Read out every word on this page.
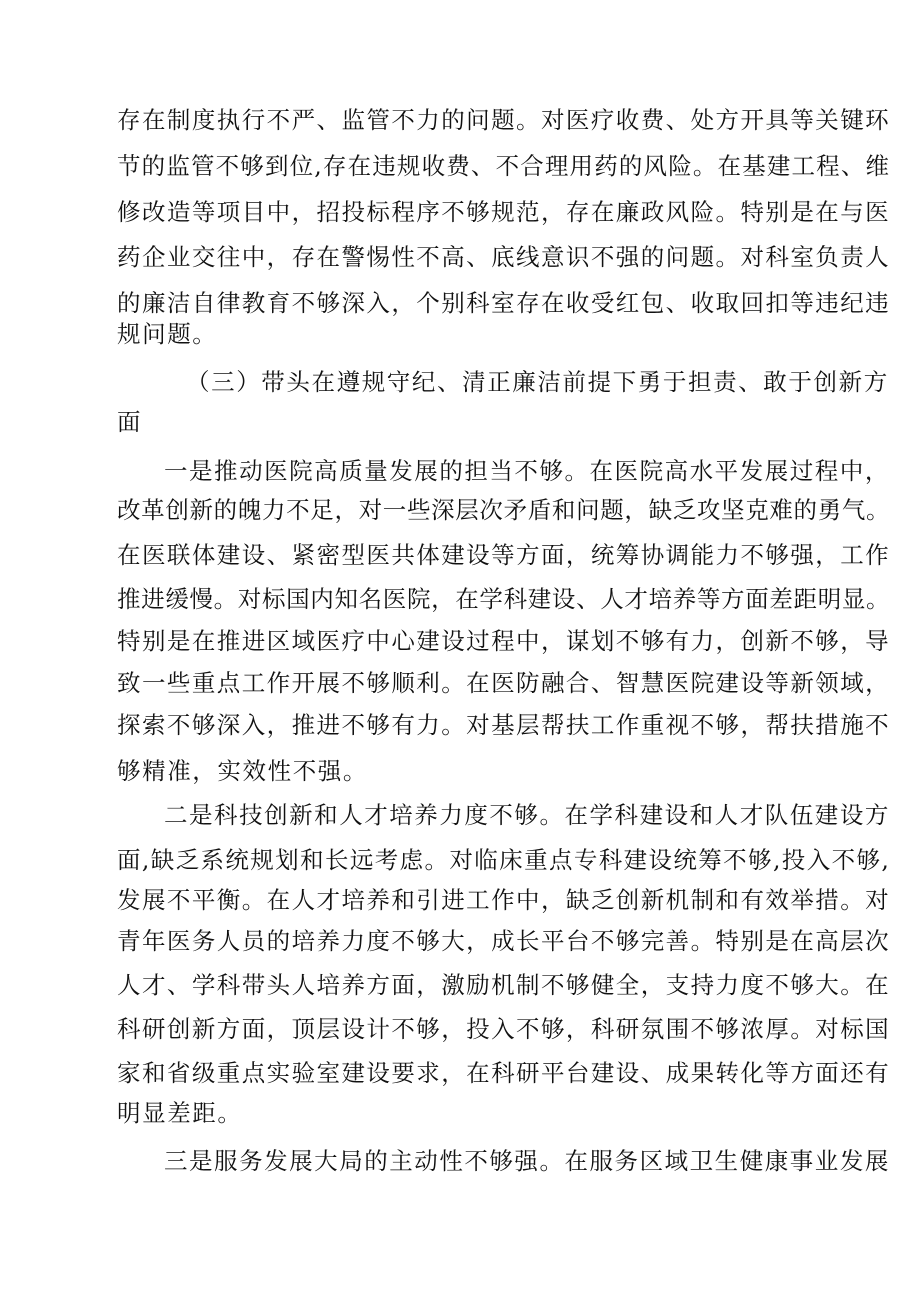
存在制度执行不严、监管不力的问题。对医疗收费、处方开具等关键环

节的监管不够到位,存在违规收费、不合理用药的风险。在基建工程、维

修改造等项目中，招投标程序不够规范，存在廉政风险。特别是在与医

药企业交往中，存在警惕性不高、底线意识不强的问题。对科室负责人

的廉洁自律教育不够深入，个别科室存在收受红包、收取回扣等违纪违

规问题。

（三）带头在遵规守纪、清正廉洁前提下勇于担责、敢于创新方

面

一是推动医院高质量发展的担当不够。在医院高水平发展过程中，

改革创新的魄力不足，对一些深层次矛盾和问题，缺乏攻坚克难的勇气。

在医联体建设、紧密型医共体建设等方面，统筹协调能力不够强，工作

推进缓慢。对标国内知名医院，在学科建设、人才培养等方面差距明显。

特别是在推进区域医疗中心建设过程中，谋划不够有力，创新不够，导

致一些重点工作开展不够顺利。在医防融合、智慧医院建设等新领域，

探索不够深入，推进不够有力。对基层帮扶工作重视不够，帮扶措施不

够精准，实效性不强。

二是科技创新和人才培养力度不够。在学科建设和人才队伍建设方

面,缺乏系统规划和长远考虑。对临床重点专科建设统筹不够,投入不够,

发展不平衡。在人才培养和引进工作中，缺乏创新机制和有效举措。对

青年医务人员的培养力度不够大，成长平台不够完善。特别是在高层次

人才、学科带头人培养方面，激励机制不够健全，支持力度不够大。在

科研创新方面，顶层设计不够，投入不够，科研氛围不够浓厚。对标国

家和省级重点实验室建设要求，在科研平台建设、成果转化等方面还有

明显差距。

三是服务发展大局的主动性不够强。在服务区域卫生健康事业发展
